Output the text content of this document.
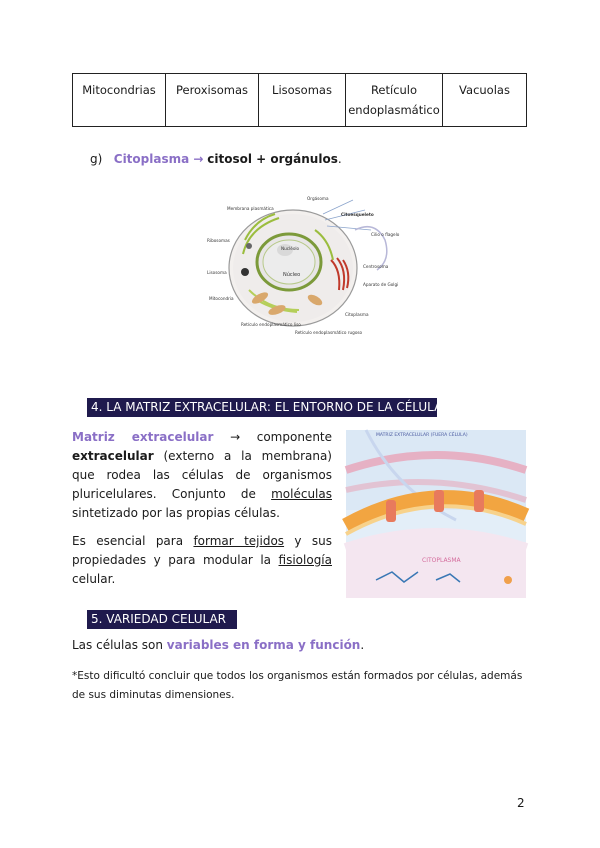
Mitocondrias	Peroxisomas	Lisosomas	Retículo endoplasmático	Vacuolas
g) Citoplasma → citosol + orgánulos.
Membrana plasmática
Orgásoma
Citoesqueleto
Cilio o flagelo
Ribosomas
Nucléolo
Núcleo
Centrosoma
Lisosoma
Aparato de Golgi
Mitocondria
Citoplasma
Retículo endoplasmático liso
Retículo endoplasmático rugoso
4. LA MATRIZ EXTRACELULAR: EL ENTORNO DE LA CÉLULA
Matriz extracelular → componente extracelular (externo a la membrana) que rodea las células de organismos pluricelulares. Conjunto de moléculas sintetizado por las propias células.
Es esencial para formar tejidos y sus propiedades y para modular la fisiología celular.
MATRIZ EXTRACELULAR (FUERA CÉLULA)
CITOPLASMA
5. VARIEDAD CELULAR
Las células son variables en forma y función.
*Esto dificultó concluir que todos los organismos están formados por células, además de sus diminutas dimensiones.
2
